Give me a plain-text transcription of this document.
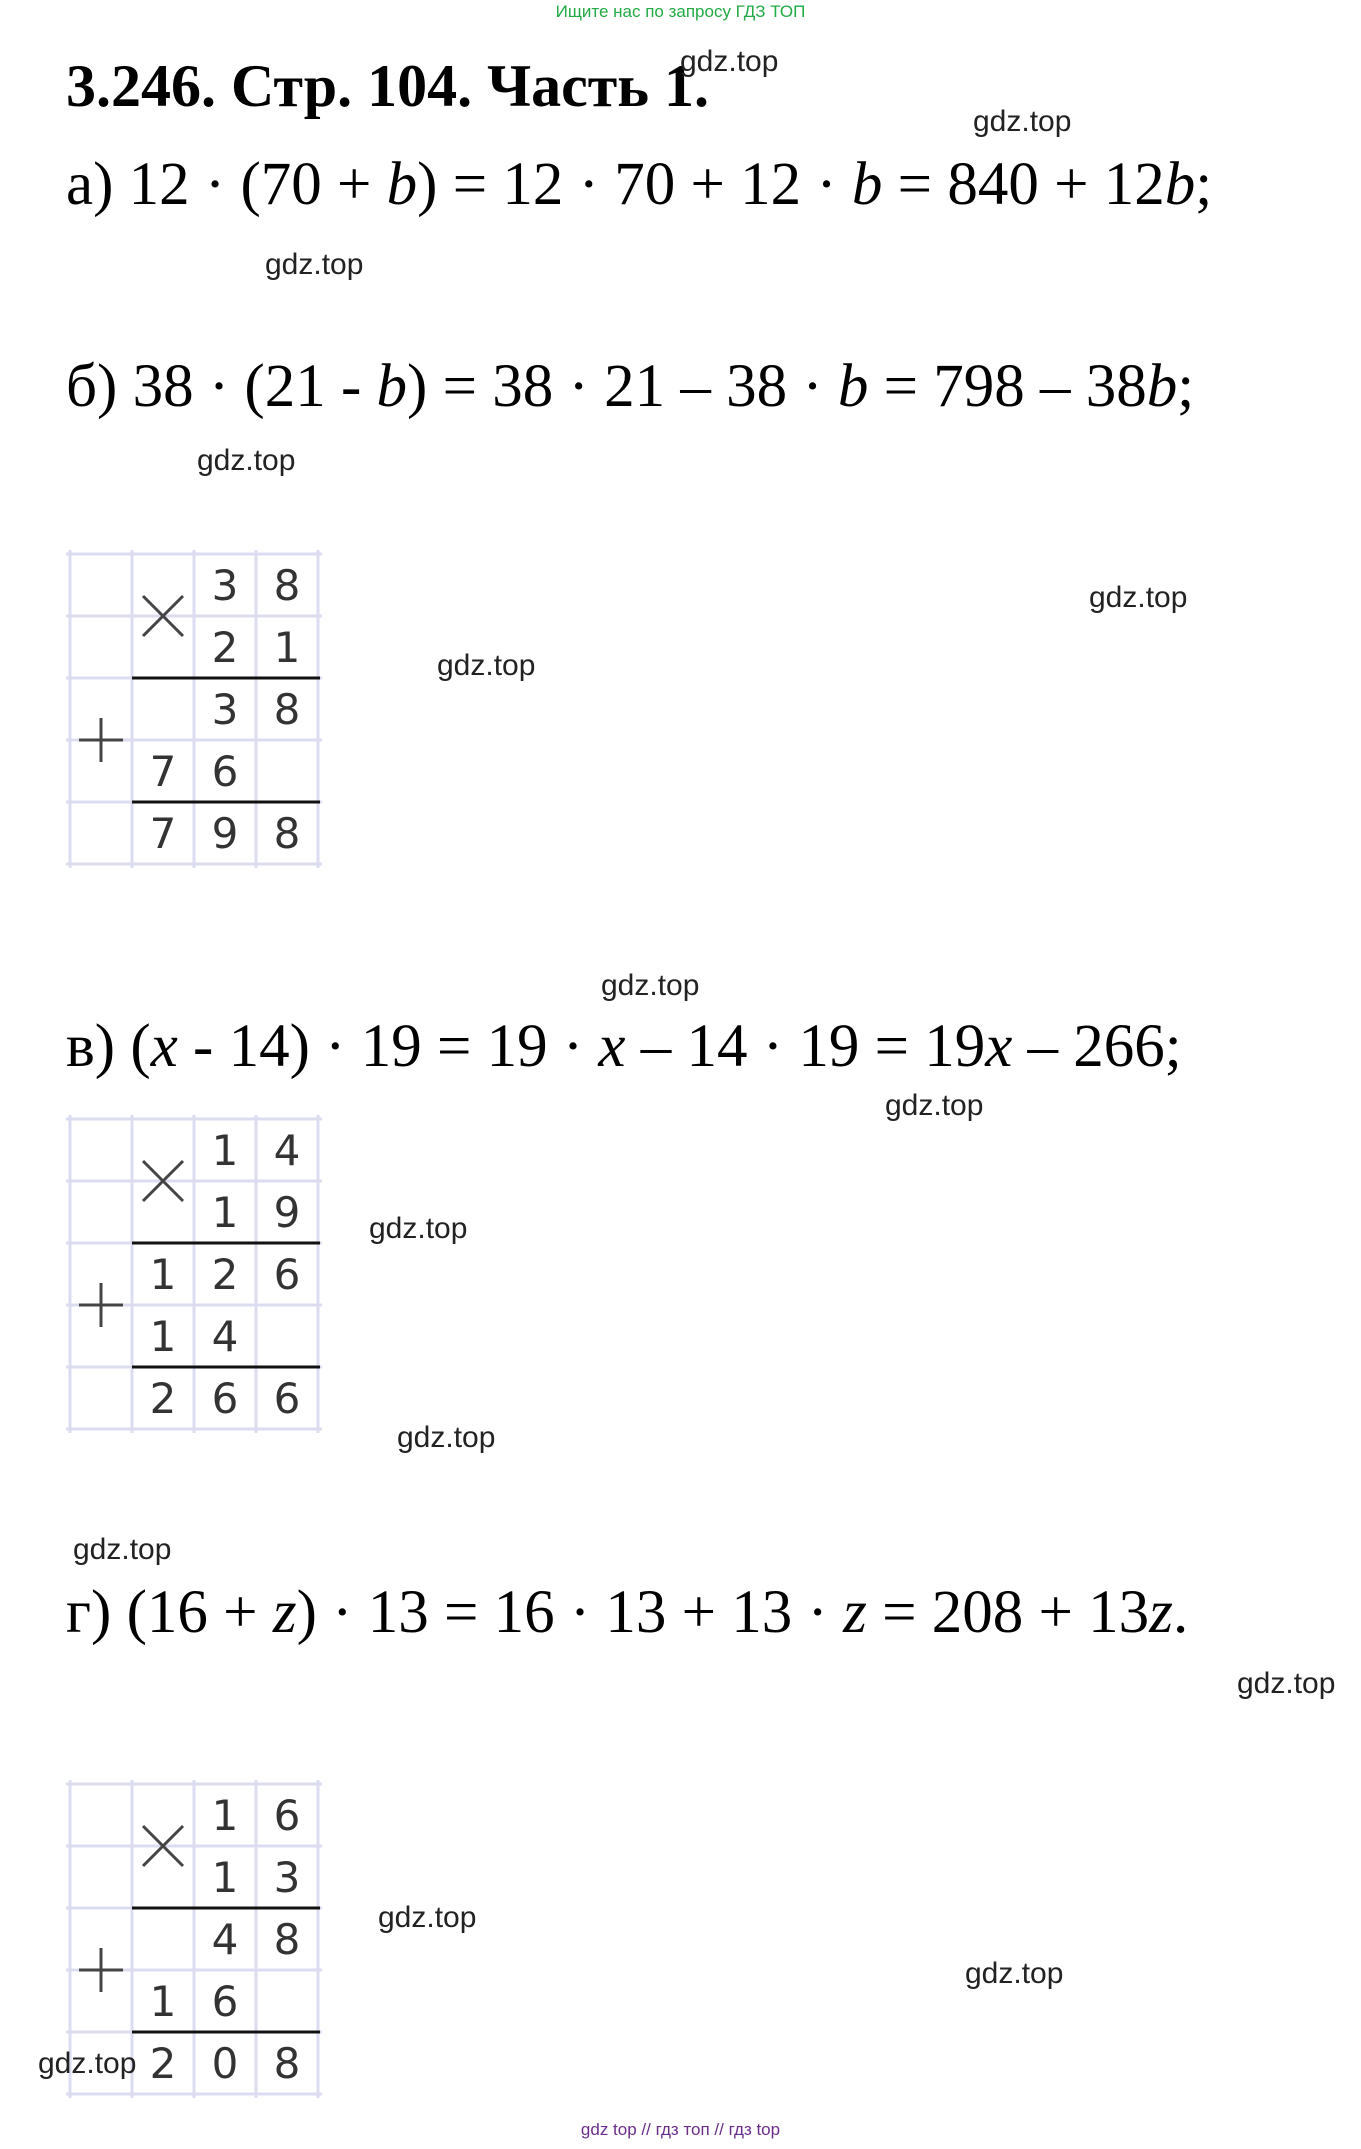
Ищите нас по запросу ГДЗ ТОП
3.246. Стр. 104. Часть 1.
а) 12 · (70 + b) = 12 · 70 + 12 · b = 840 + 12b;
б) 38 · (21 - b) = 38 · 21 – 38 · b = 798 – 38b;
в) (x - 14) · 19 = 19 · x – 14 · 19 = 19x – 266;
г) (16 + z) · 13 = 16 · 13 + 13 · z = 208 + 13z.
3 8
2 1
3 8
7 6
7 9 8
1 4
1 9
1 2 6
1 4
2 6 6
1 6
1 3
4 8
1 6
2 0 8
gdz.top
gdz.top
gdz.top
gdz.top
gdz.top
gdz.top
gdz.top
gdz.top
gdz.top
gdz.top
gdz.top
gdz.top
gdz.top
gdz.top
gdz.top
gdz top // гдз топ // гдз top
